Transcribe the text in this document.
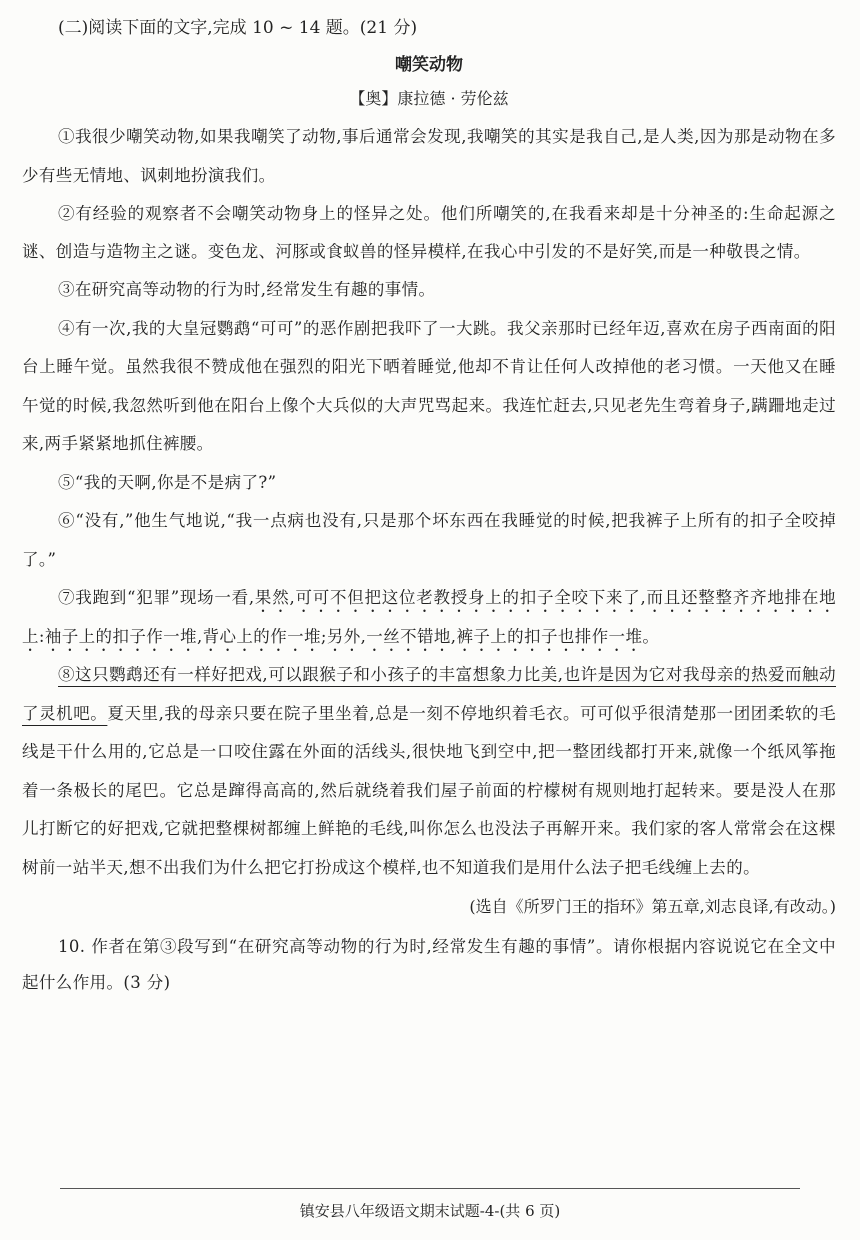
(二)阅读下面的文字,完成 10 ~ 14 题。(21 分)
嘲笑动物
【奥】康拉德 · 劳伦兹

①我很少嘲笑动物,如果我嘲笑了动物,事后通常会发现,我嘲笑的其实是我自己,是人类,因为那是动物在多少有些无情地、讽刺地扮演我们。

②有经验的观察者不会嘲笑动物身上的怪异之处。他们所嘲笑的,在我看来却是十分神圣的:生命起源之谜、创造与造物主之谜。变色龙、河豚或食蚁兽的怪异模样,在我心中引发的不是好笑,而是一种敬畏之情。

③在研究高等动物的行为时,经常发生有趣的事情。

④有一次,我的大皇冠鹦鹉“可可”的恶作剧把我吓了一大跳。我父亲那时已经年迈,喜欢在房子西南面的阳台上睡午觉。虽然我很不赞成他在强烈的阳光下晒着睡觉,他却不肯让任何人改掉他的老习惯。一天他又在睡午觉的时候,我忽然听到他在阳台上像个大兵似的大声咒骂起来。我连忙赶去,只见老先生弯着身子,蹒跚地走过来,两手紧紧地抓住裤腰。

⑤“我的天啊,你是不是病了?”

⑥“没有,”他生气地说,“我一点病也没有,只是那个坏东西在我睡觉的时候,把我裤子上所有的扣子全咬掉了。”

⑦我跑到“犯罪”现场一看,果然,可可不但把这位老教授身上的扣子全咬下来了,而且还整整齐齐地排在地上:袖子上的扣子作一堆,背心上的作一堆;另外,一丝不错地,裤子上的扣子也排作一堆。

⑧这只鹦鹉还有一样好把戏,可以跟猴子和小孩子的丰富想象力比美,也许是因为它对我母亲的热爱而触动了灵机吧。夏天里,我的母亲只要在院子里坐着,总是一刻不停地织着毛衣。可可似乎很清楚那一团团柔软的毛线是干什么用的,它总是一口咬住露在外面的活线头,很快地飞到空中,把一整团线都打开来,就像一个纸风筝拖着一条极长的尾巴。它总是蹿得高高的,然后就绕着我们屋子前面的柠檬树有规则地打起转来。要是没人在那儿打断它的好把戏,它就把整棵树都缠上鲜艳的毛线,叫你怎么也没法子再解开来。我们家的客人常常会在这棵树前一站半天,想不出我们为什么把它打扮成这个模样,也不知道我们是用什么法子把毛线缠上去的。

(选自《所罗门王的指环》第五章,刘志良译,有改动。)

10. 作者在第③段写到“在研究高等动物的行为时,经常发生有趣的事情”。请你根据内容说说它在全文中起什么作用。(3 分)

镇安县八年级语文期末试题-4-(共 6 页)
